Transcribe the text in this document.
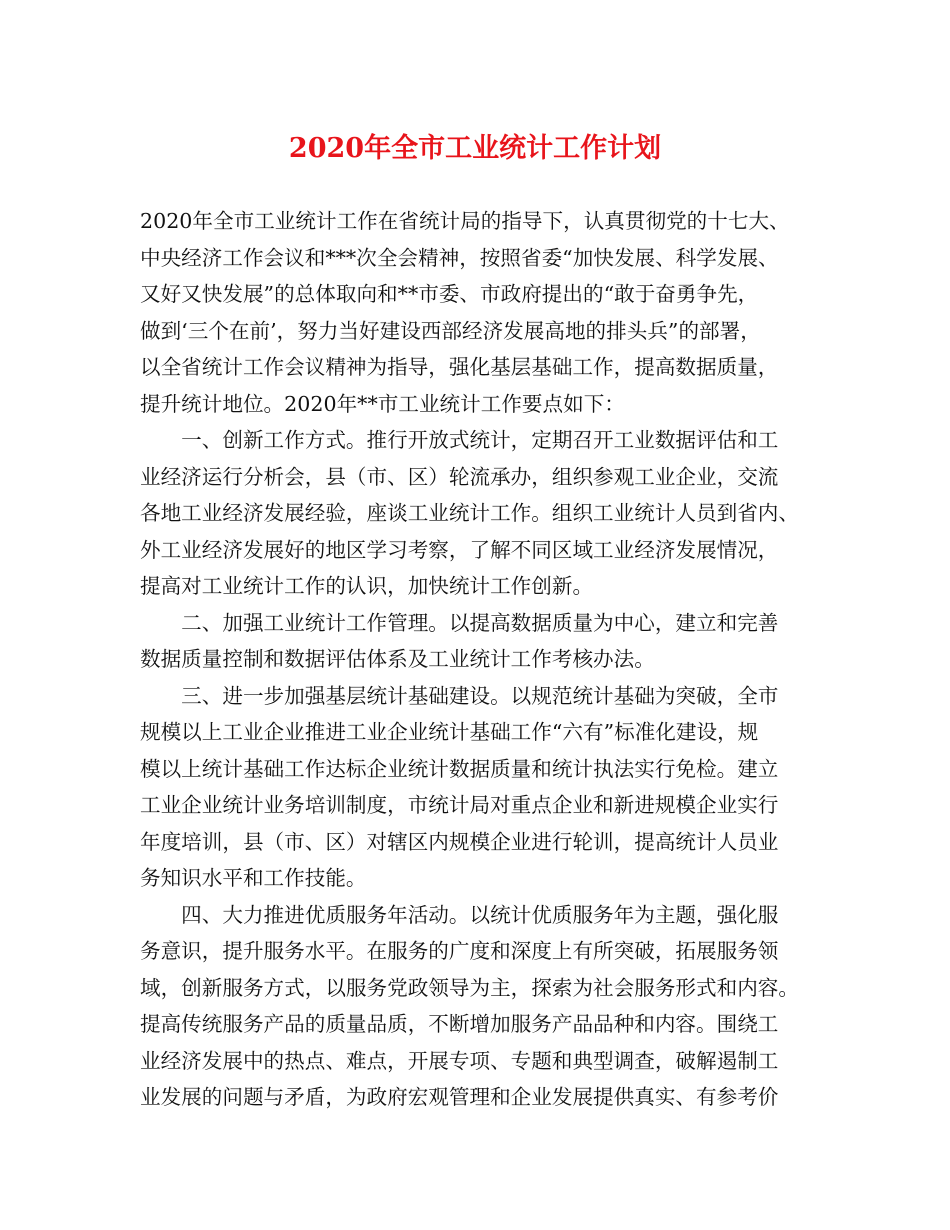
2020年全市工业统计工作计划
2020年全市工业统计工作在省统计局的指导下，认真贯彻党的十七大、
中央经济工作会议和***次全会精神，按照省委“加快发展、科学发展、
又好又快发展”的总体取向和**市委、市政府提出的“敢于奋勇争先，
做到‘三个在前’，努力当好建设西部经济发展高地的排头兵”的部署，
以全省统计工作会议精神为指导，强化基层基础工作，提高数据质量，
提升统计地位。2020年**市工业统计工作要点如下：
　　一、创新工作方式。推行开放式统计，定期召开工业数据评估和工
业经济运行分析会，县（市、区）轮流承办，组织参观工业企业，交流
各地工业经济发展经验，座谈工业统计工作。组织工业统计人员到省内、
外工业经济发展好的地区学习考察，了解不同区域工业经济发展情况，
提高对工业统计工作的认识，加快统计工作创新。
　　二、加强工业统计工作管理。以提高数据质量为中心，建立和完善
数据质量控制和数据评估体系及工业统计工作考核办法。
　　三、进一步加强基层统计基础建设。以规范统计基础为突破，全市
规模以上工业企业推进工业企业统计基础工作“六有”标准化建设，规
模以上统计基础工作达标企业统计数据质量和统计执法实行免检。建立
工业企业统计业务培训制度，市统计局对重点企业和新进规模企业实行
年度培训，县（市、区）对辖区内规模企业进行轮训，提高统计人员业
务知识水平和工作技能。
　　四、大力推进优质服务年活动。以统计优质服务年为主题，强化服
务意识，提升服务水平。在服务的广度和深度上有所突破，拓展服务领
域，创新服务方式，以服务党政领导为主，探索为社会服务形式和内容。
提高传统服务产品的质量品质，不断增加服务产品品种和内容。围绕工
业经济发展中的热点、难点，开展专项、专题和典型调查，破解遏制工
业发展的问题与矛盾，为政府宏观管理和企业发展提供真实、有参考价
